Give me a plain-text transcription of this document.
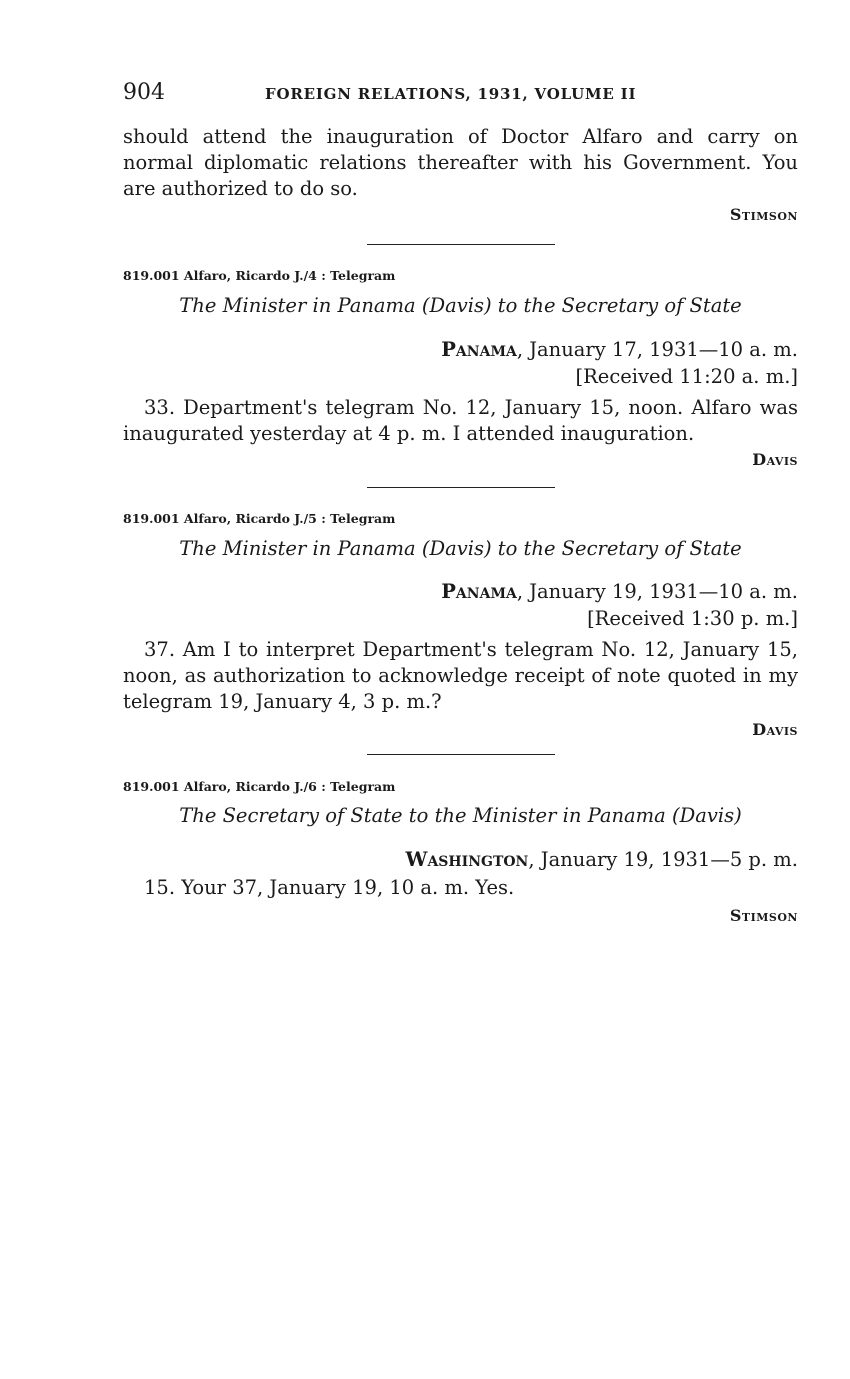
904	FOREIGN RELATIONS, 1931, VOLUME II
should attend the inauguration of Doctor Alfaro and carry on normal diplomatic relations thereafter with his Government. You are authorized to do so.
Stimson
819.001 Alfaro, Ricardo J./4 : Telegram
The Minister in Panama (Davis) to the Secretary of State
Panama, January 17, 1931—10 a. m.
[Received 11:20 a. m.]
33. Department's telegram No. 12, January 15, noon. Alfaro was inaugurated yesterday at 4 p. m. I attended inauguration.
Davis
819.001 Alfaro, Ricardo J./5 : Telegram
The Minister in Panama (Davis) to the Secretary of State
Panama, January 19, 1931—10 a. m.
[Received 1:30 p. m.]
37. Am I to interpret Department's telegram No. 12, January 15, noon, as authorization to acknowledge receipt of note quoted in my telegram 19, January 4, 3 p. m.?
Davis
819.001 Alfaro, Ricardo J./6 : Telegram
The Secretary of State to the Minister in Panama (Davis)
Washington, January 19, 1931—5 p. m.
15. Your 37, January 19, 10 a. m. Yes.
Stimson
